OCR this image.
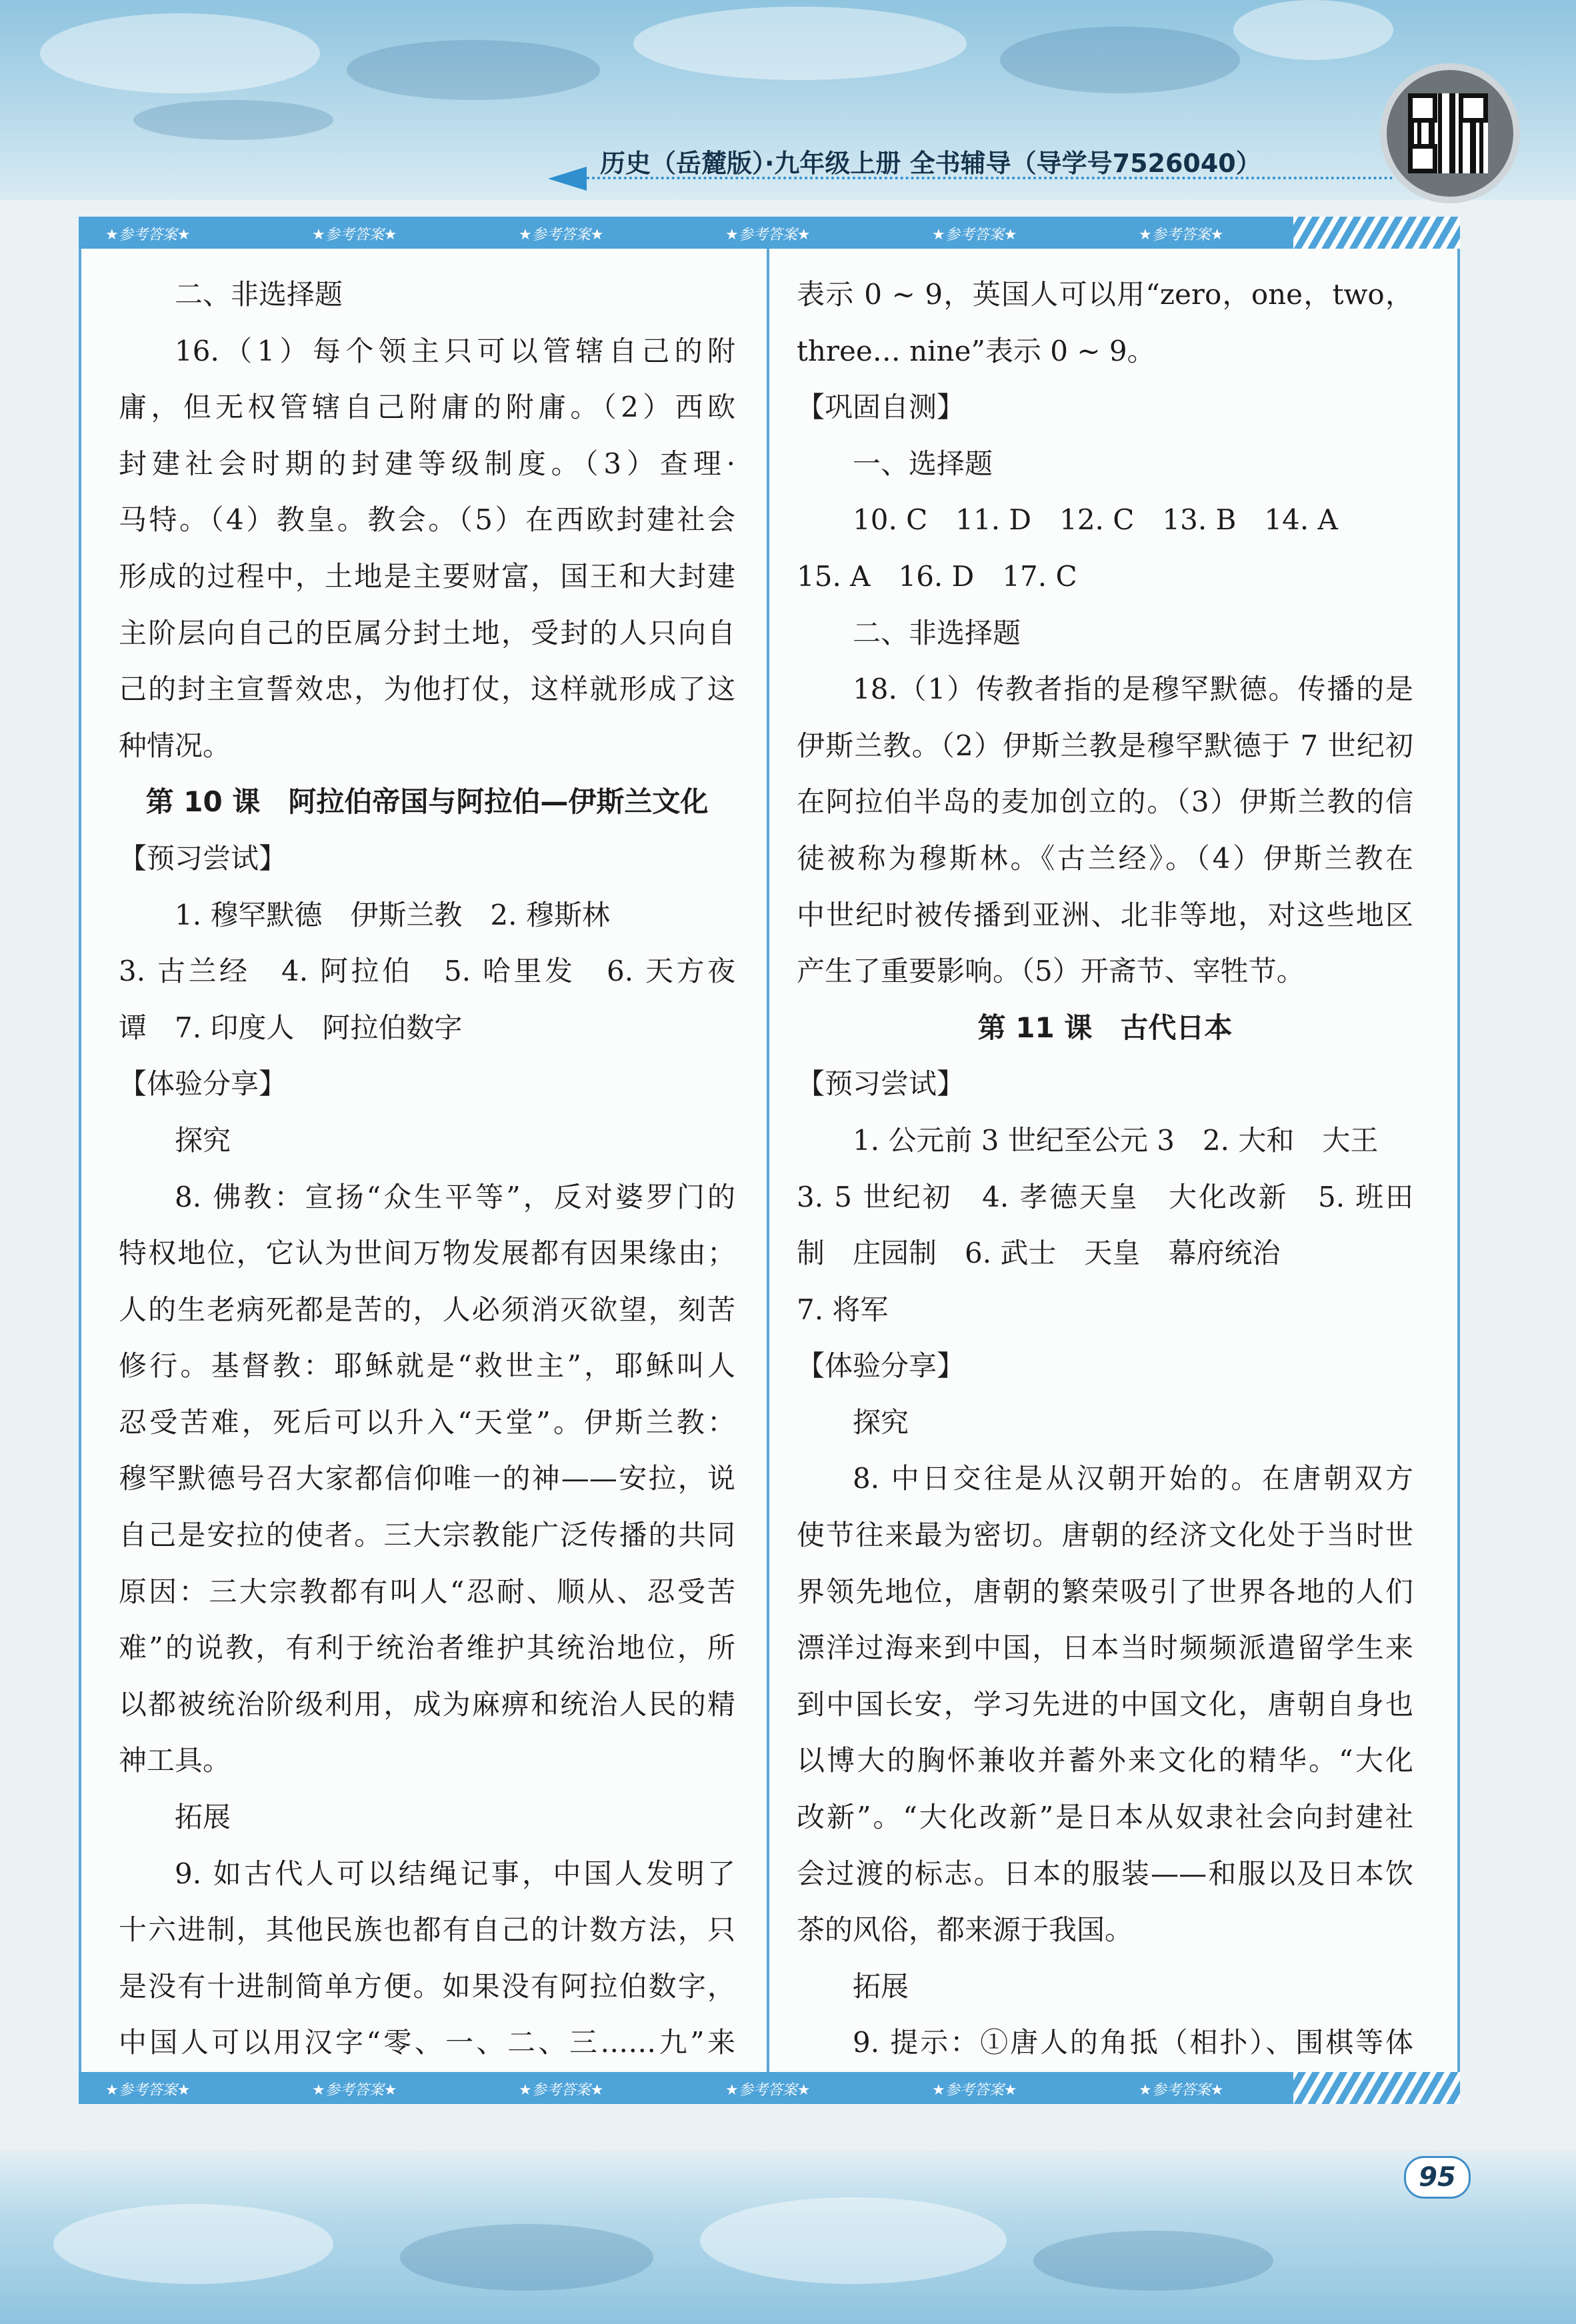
历史（岳麓版）·九年级上册 全书辅导（导学号7526040）
★参考答案★	★参考答案★	★参考答案★	★参考答案★	★参考答案★	★参考答案★
★参考答案★	★参考答案★	★参考答案★	★参考答案★	★参考答案★	★参考答案★
二、非选择题
16.（1）每个领主只可以管辖自己的附
庸，但无权管辖自己附庸的附庸。（2）西欧
封建社会时期的封建等级制度。（3）查理·
马特。（4）教皇。教会。（5）在西欧封建社会
形成的过程中，土地是主要财富，国王和大封建
主阶层向自己的臣属分封土地，受封的人只向自
己的封主宣誓效忠，为他打仗，这样就形成了这
种情况。
第 10 课　阿拉伯帝国与阿拉伯—伊斯兰文化
【预习尝试】
1. 穆罕默德　伊斯兰教　2. 穆斯林
3. 古兰经　4. 阿拉伯　5. 哈里发　6. 天方夜
谭　7. 印度人　阿拉伯数字
【体验分享】
探究
8. 佛教：宣扬“众生平等”，反对婆罗门的
特权地位，它认为世间万物发展都有因果缘由；
人的生老病死都是苦的，人必须消灭欲望，刻苦
修行。基督教：耶稣就是“救世主”，耶稣叫人
忍受苦难，死后可以升入“天堂”。伊斯兰教：
穆罕默德号召大家都信仰唯一的神——安拉，说
自己是安拉的使者。三大宗教能广泛传播的共同
原因：三大宗教都有叫人“忍耐、顺从、忍受苦
难”的说教，有利于统治者维护其统治地位，所
以都被统治阶级利用，成为麻痹和统治人民的精
神工具。
拓展
9. 如古代人可以结绳记事，中国人发明了
十六进制，其他民族也都有自己的计数方法，只
是没有十进制简单方便。如果没有阿拉伯数字，
中国人可以用汉字“零、一、二、三……九”来
表示 0 ~ 9，英国人可以用“zero，one，two，
three… nine”表示 0 ~ 9。
【巩固自测】
一、选择题
10. C　11. D　12. C　13. B　14. A
15. A　16. D　17. C
二、非选择题
18.（1）传教者指的是穆罕默德。传播的是
伊斯兰教。（2）伊斯兰教是穆罕默德于 7 世纪初
在阿拉伯半岛的麦加创立的。（3）伊斯兰教的信
徒被称为穆斯林。《古兰经》。（4）伊斯兰教在
中世纪时被传播到亚洲、北非等地，对这些地区
产生了重要影响。（5）开斋节、宰牲节。
第 11 课　古代日本
【预习尝试】
1. 公元前 3 世纪至公元 3　2. 大和　大王
3. 5 世纪初　4. 孝德天皇　大化改新　5. 班田
制　庄园制　6. 武士　天皇　幕府统治
7. 将军
【体验分享】
探究
8. 中日交往是从汉朝开始的。在唐朝双方
使节往来最为密切。唐朝的经济文化处于当时世
界领先地位，唐朝的繁荣吸引了世界各地的人们
漂洋过海来到中国，日本当时频频派遣留学生来
到中国长安，学习先进的中国文化，唐朝自身也
以博大的胸怀兼收并蓄外来文化的精华。“大化
改新”。“大化改新”是日本从奴隶社会向封建社
会过渡的标志。日本的服装——和服以及日本饮
茶的风俗，都来源于我国。
拓展
9. 提示：①唐人的角抵（相扑）、围棋等体
95
